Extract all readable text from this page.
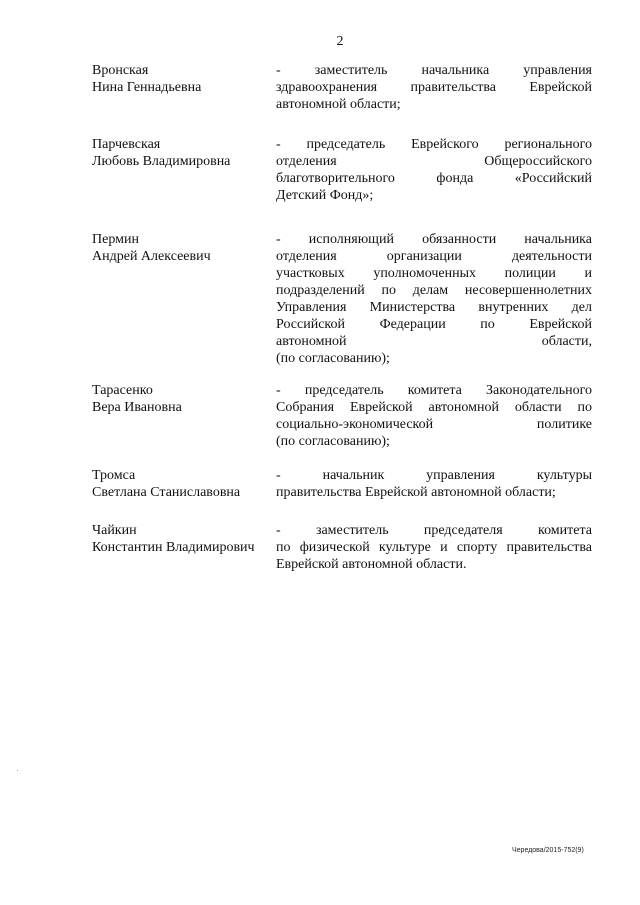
2
Вронская
Нина Геннадьевна
- заместитель начальника управления
здравоохранения правительства Еврейской
автономной области;
Парчевская
Любовь Владимировна
- председатель Еврейского регионального
отделения Общероссийского
благотворительного фонда «Российский
Детский Фонд»;
Пермин
Андрей Алексеевич
- исполняющий обязанности начальника
отделения организации деятельности
участковых уполномоченных полиции и
подразделений по делам несовершеннолетних
Управления Министерства внутренних дел
Российской Федерации по Еврейской
автономной области,
(по согласованию);
Тарасенко
Вера Ивановна
- председатель комитета Законодательного
Собрания Еврейской автономной области по
социально-экономической политике
(по согласованию);
Тромса
Светлана Станиславовна
- начальник управления культуры
правительства Еврейской автономной области;
Чайкин
Константин Владимирович
- заместитель председателя комитета
по физической культуре и спорту правительства
Еврейской автономной области.
Чередова/2015-752(9)
